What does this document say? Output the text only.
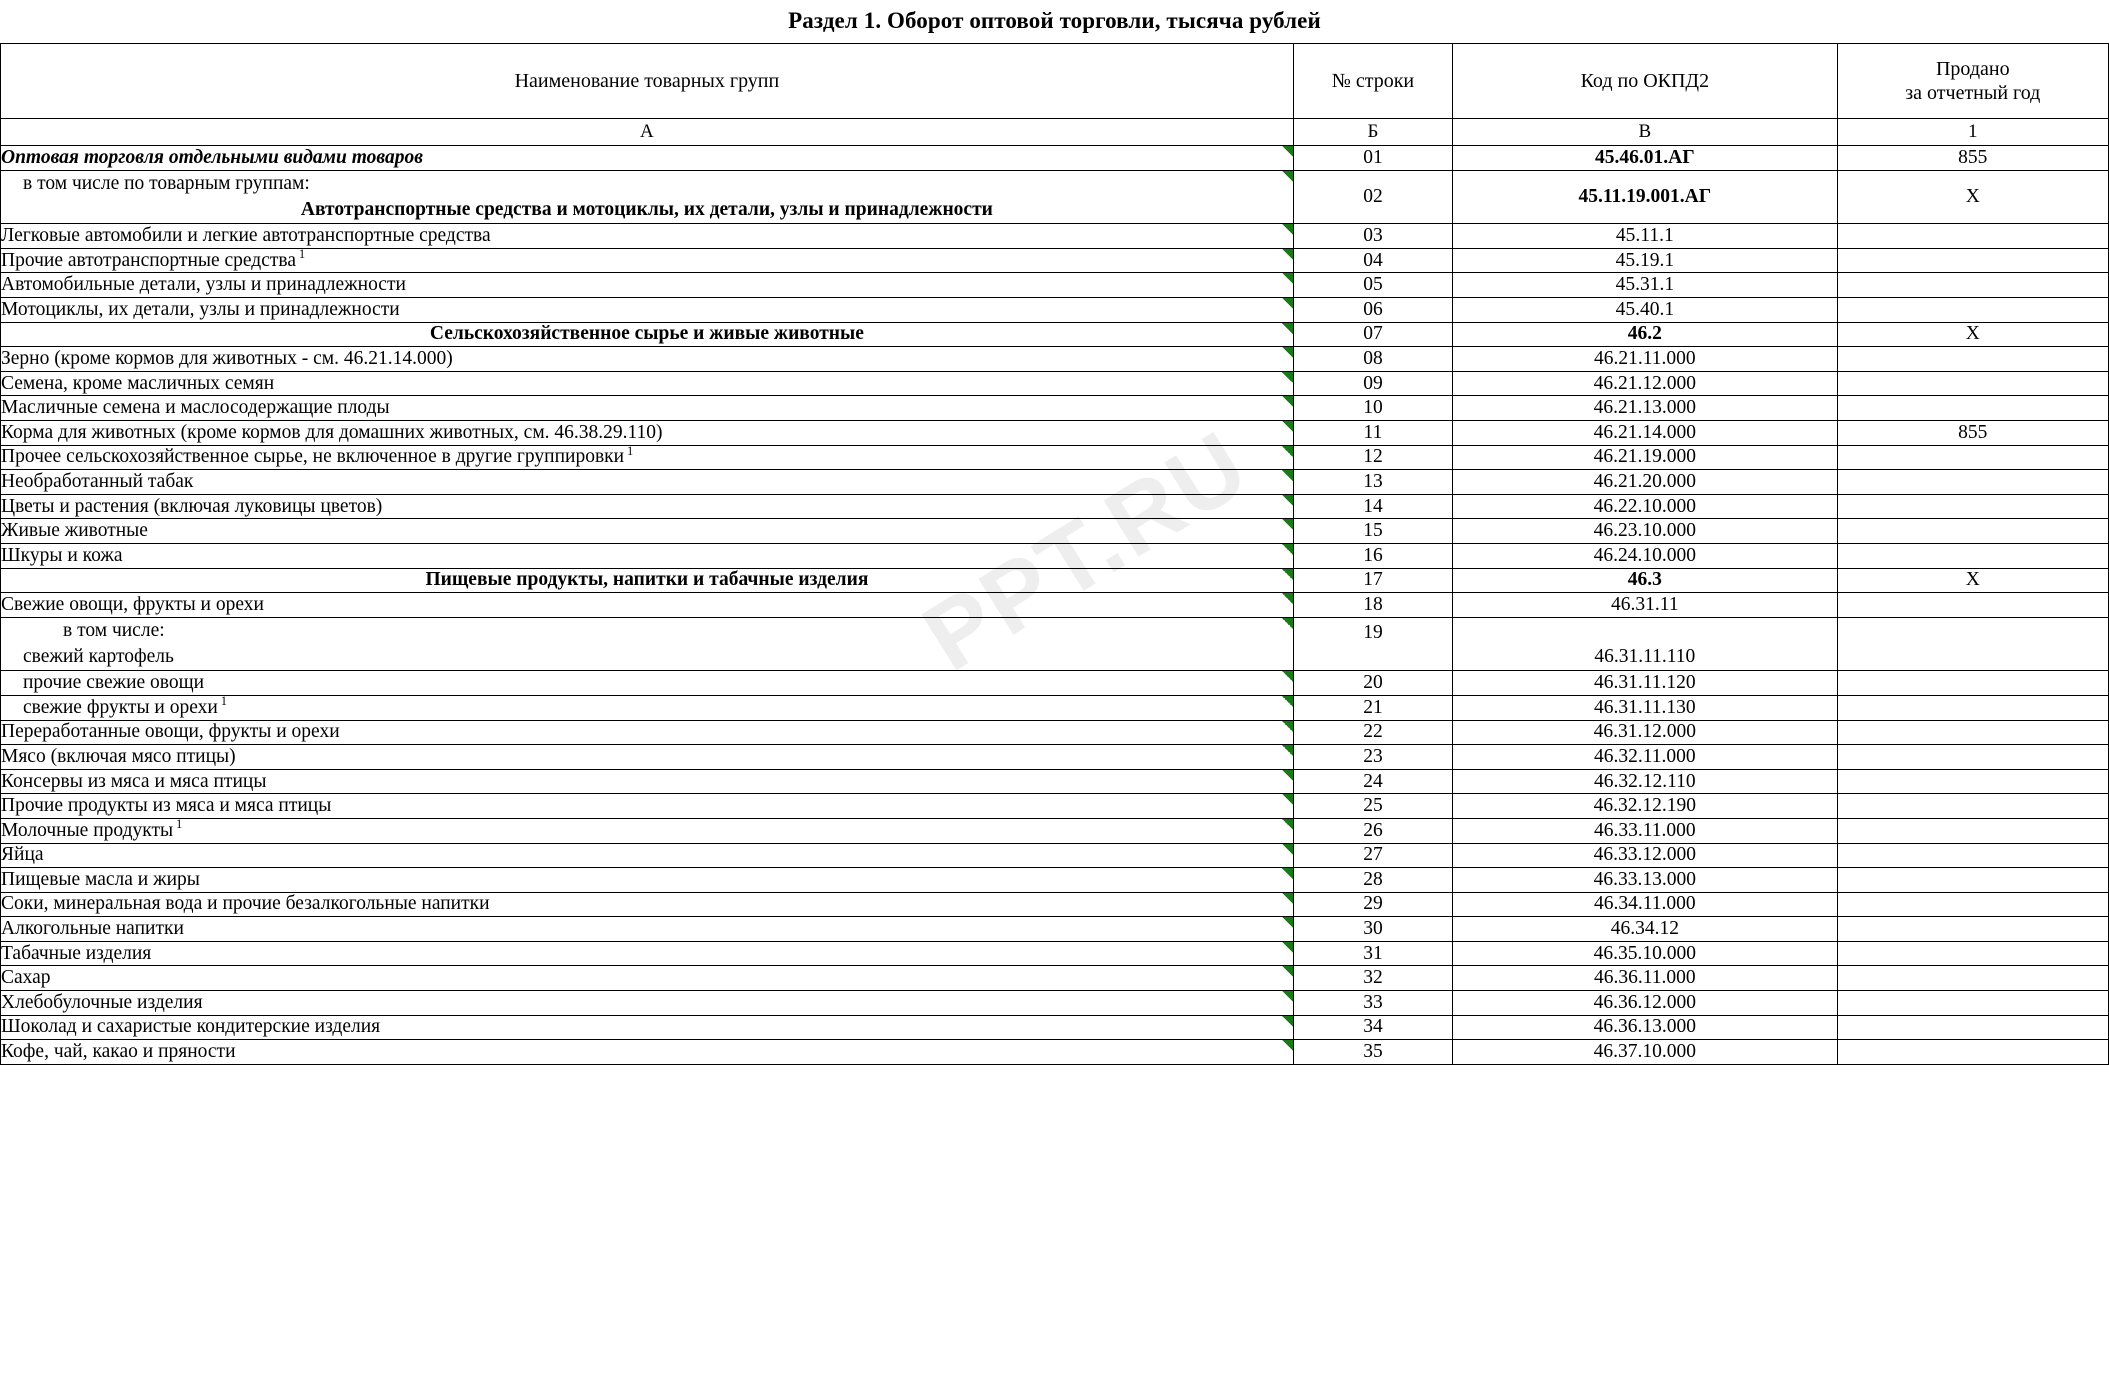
PPT.RU
Раздел 1. Оборот оптовой торговли, тысяча рублей
Наименование товарных групп	№ строки	Код по ОКПД2	Продано
за отчетный год

А	Б	В	1
Оптовая торговля отдельными видами товаров	01	45.46.01.АГ	855

в том числе по товарным группам:
Автотранспортные средства и мотоциклы, их детали, узлы и принадлежности	02	45.11.19.001.АГ	Х
Легковые автомобили и легкие автотранспортные средства	03	45.11.1	
Прочие автотранспортные средства $^1$	04	45.19.1	
Автомобильные детали, узлы и принадлежности	05	45.31.1	
Мотоциклы, их детали, узлы и принадлежности	06	45.40.1	

Сельскохозяйственное сырье и живые животные	07	46.2	Х
Зерно (кроме кормов для животных - см. 46.21.14.000)	08	46.21.11.000	
Семена, кроме масличных семян	09	46.21.12.000	
Масличные семена и маслосодержащие плоды	10	46.21.13.000	
Корма для животных (кроме кормов для домашних животных, см. 46.38.29.110)	11	46.21.14.000	855
Прочее сельскохозяйственное сырье, не включенное в другие группировки $^1$	12	46.21.19.000	
Необработанный табак	13	46.21.20.000	
Цветы и растения (включая луковицы цветов)	14	46.22.10.000	
Живые животные	15	46.23.10.000	
Шкуры и кожа	16	46.24.10.000	

Пищевые продукты, напитки и табачные изделия	17	46.3	Х
Свежие овощи, фрукты и орехи	18	46.31.11	

в том числе:
свежий картофель	19	46.31.11.110	

прочие свежие овощи	20	46.31.11.120	
свежие фрукты и орехи $^1$	21	46.31.11.130	
Переработанные овощи, фрукты и орехи	22	46.31.12.000	
Мясо (включая мясо птицы)	23	46.32.11.000	
Консервы из мяса и мяса птицы	24	46.32.12.110	
Прочие продукты из мяса и мяса птицы	25	46.32.12.190	
Молочные продукты $^1$	26	46.33.11.000	
Яйца	27	46.33.12.000	
Пищевые масла и жиры	28	46.33.13.000	
Соки, минеральная вода и прочие безалкогольные напитки	29	46.34.11.000	
Алкогольные напитки	30	46.34.12	
Табачные изделия	31	46.35.10.000	
Сахар	32	46.36.11.000	
Хлебобулочные изделия	33	46.36.12.000	
Шоколад и сахаристые кондитерские изделия	34	46.36.13.000	
Кофе, чай, какао и пряности	35	46.37.10.000	
